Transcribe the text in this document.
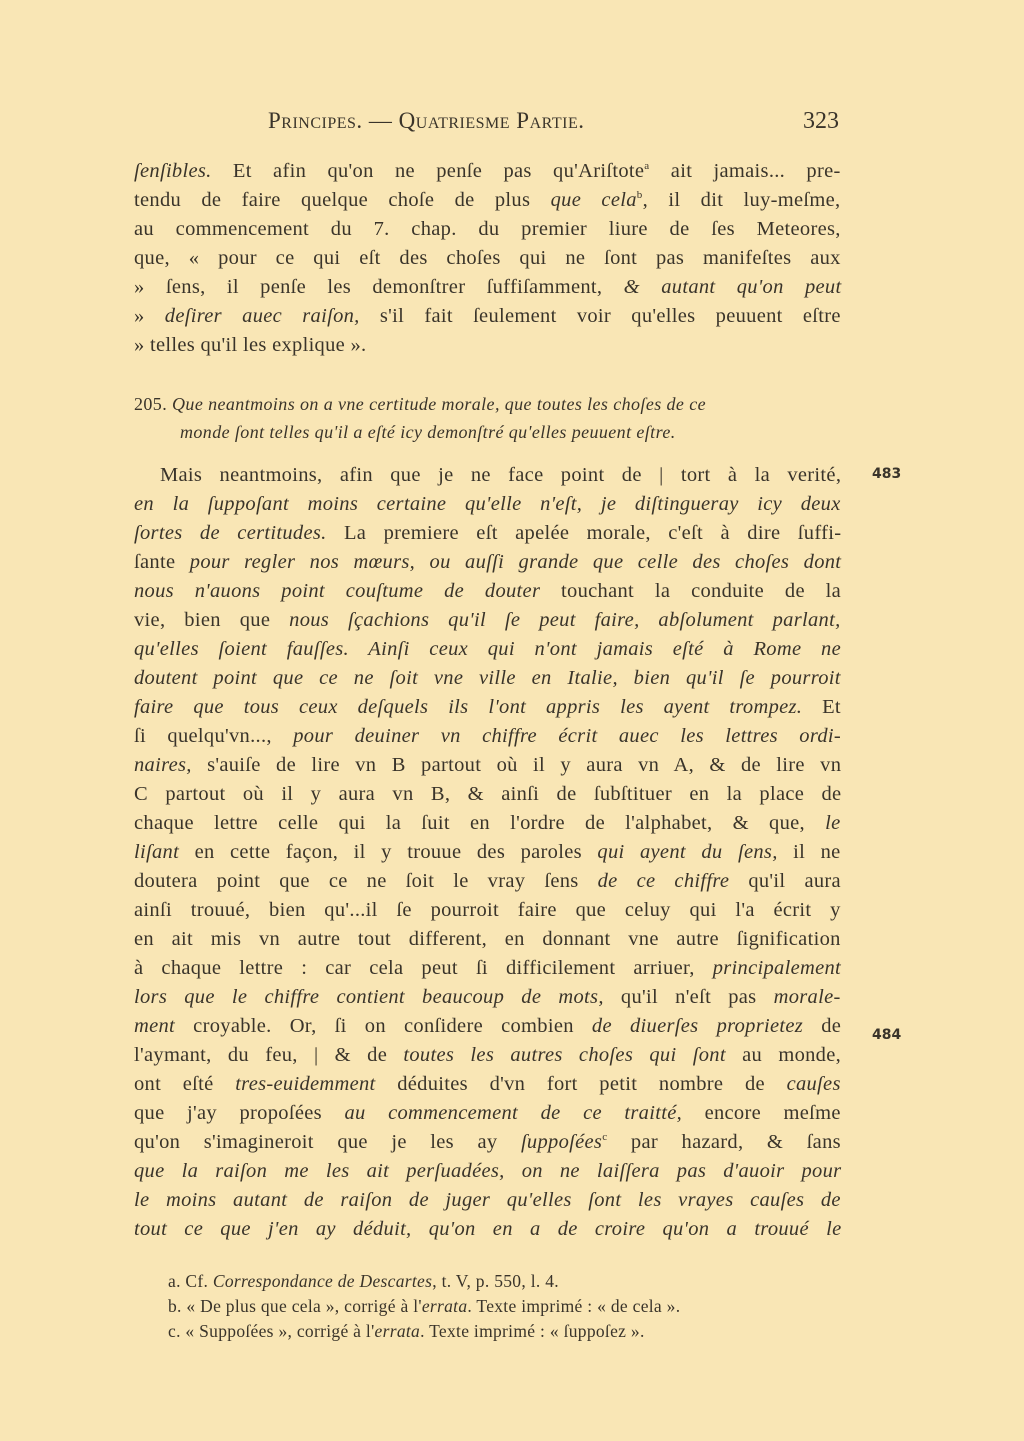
Principes. — Quatriesme Partie.	323
ſenſibles. Et afin qu'on ne penſe pas qu'Ariſtote$^a$ ait jamais... pre-
tendu de faire quelque choſe de plus que cela$^b$, il dit luy-meſme,
au commencement du 7. chap. du premier liure de ſes Meteores,
que, « pour ce qui eſt des choſes qui ne ſont pas manifeſtes aux
» ſens, il penſe les demonſtrer ſuffiſamment, & autant qu'on peut
» deſirer auec raiſon, s'il fait ſeulement voir qu'elles peuuent eſtre
» telles qu'il les explique ».
205. Que neantmoins on a vne certitude morale, que toutes les choſes de ce
monde ſont telles qu'il a eſté icy demonſtré qu'elles peuuent eſtre.
Mais neantmoins, afin que je ne face point de | tort à la verité,
en la ſuppoſant moins certaine qu'elle n'eſt, je diſtingueray icy deux
ſortes de certitudes. La premiere eſt apelée morale, c'eſt à dire ſuffi-
ſante pour regler nos mœurs, ou auſſi grande que celle des choſes dont
nous n'auons point couſtume de douter touchant la conduite de la
vie, bien que nous ſçachions qu'il ſe peut faire, abſolument parlant,
qu'elles ſoient fauſſes. Ainſi ceux qui n'ont jamais eſté à Rome ne
doutent point que ce ne ſoit vne ville en Italie, bien qu'il ſe pourroit
faire que tous ceux deſquels ils l'ont appris les ayent trompez. Et
ſi quelqu'vn..., pour deuiner vn chiffre écrit auec les lettres ordi-
naires, s'auiſe de lire vn B partout où il y aura vn A, & de lire vn
C partout où il y aura vn B, & ainſi de ſubſtituer en la place de
chaque lettre celle qui la ſuit en l'ordre de l'alphabet, & que, le
liſant en cette façon, il y trouue des paroles qui ayent du ſens, il ne
doutera point que ce ne ſoit le vray ſens de ce chiffre qu'il aura
ainſi trouué, bien qu'...il ſe pourroit faire que celuy qui l'a écrit y
en ait mis vn autre tout different, en donnant vne autre ſignification
à chaque lettre : car cela peut ſi difficilement arriuer, principalement
lors que le chiffre contient beaucoup de mots, qu'il n'eſt pas morale-
ment croyable. Or, ſi on conſidere combien de diuerſes proprietez de
l'aymant, du feu, | & de toutes les autres choſes qui ſont au monde,
ont eſté tres-euidemment déduites d'vn fort petit nombre de cauſes
que j'ay propoſées au commencement de ce traitté, encore meſme
qu'on s'imagineroit que je les ay ſuppoſées$^c$ par hazard, & ſans
que la raiſon me les ait perſuadées, on ne laiſſera pas d'auoir pour
le moins autant de raiſon de juger qu'elles ſont les vrayes cauſes de
tout ce que j'en ay déduit, qu'on en a de croire qu'on a trouué le
483
484
a. Cf. Correspondance de Descartes, t. V, p. 550, l. 4.
b. « De plus que cela », corrigé à l'errata. Texte imprimé : « de cela ».
c. « Suppoſées », corrigé à l'errata. Texte imprimé : « ſuppoſez ».
